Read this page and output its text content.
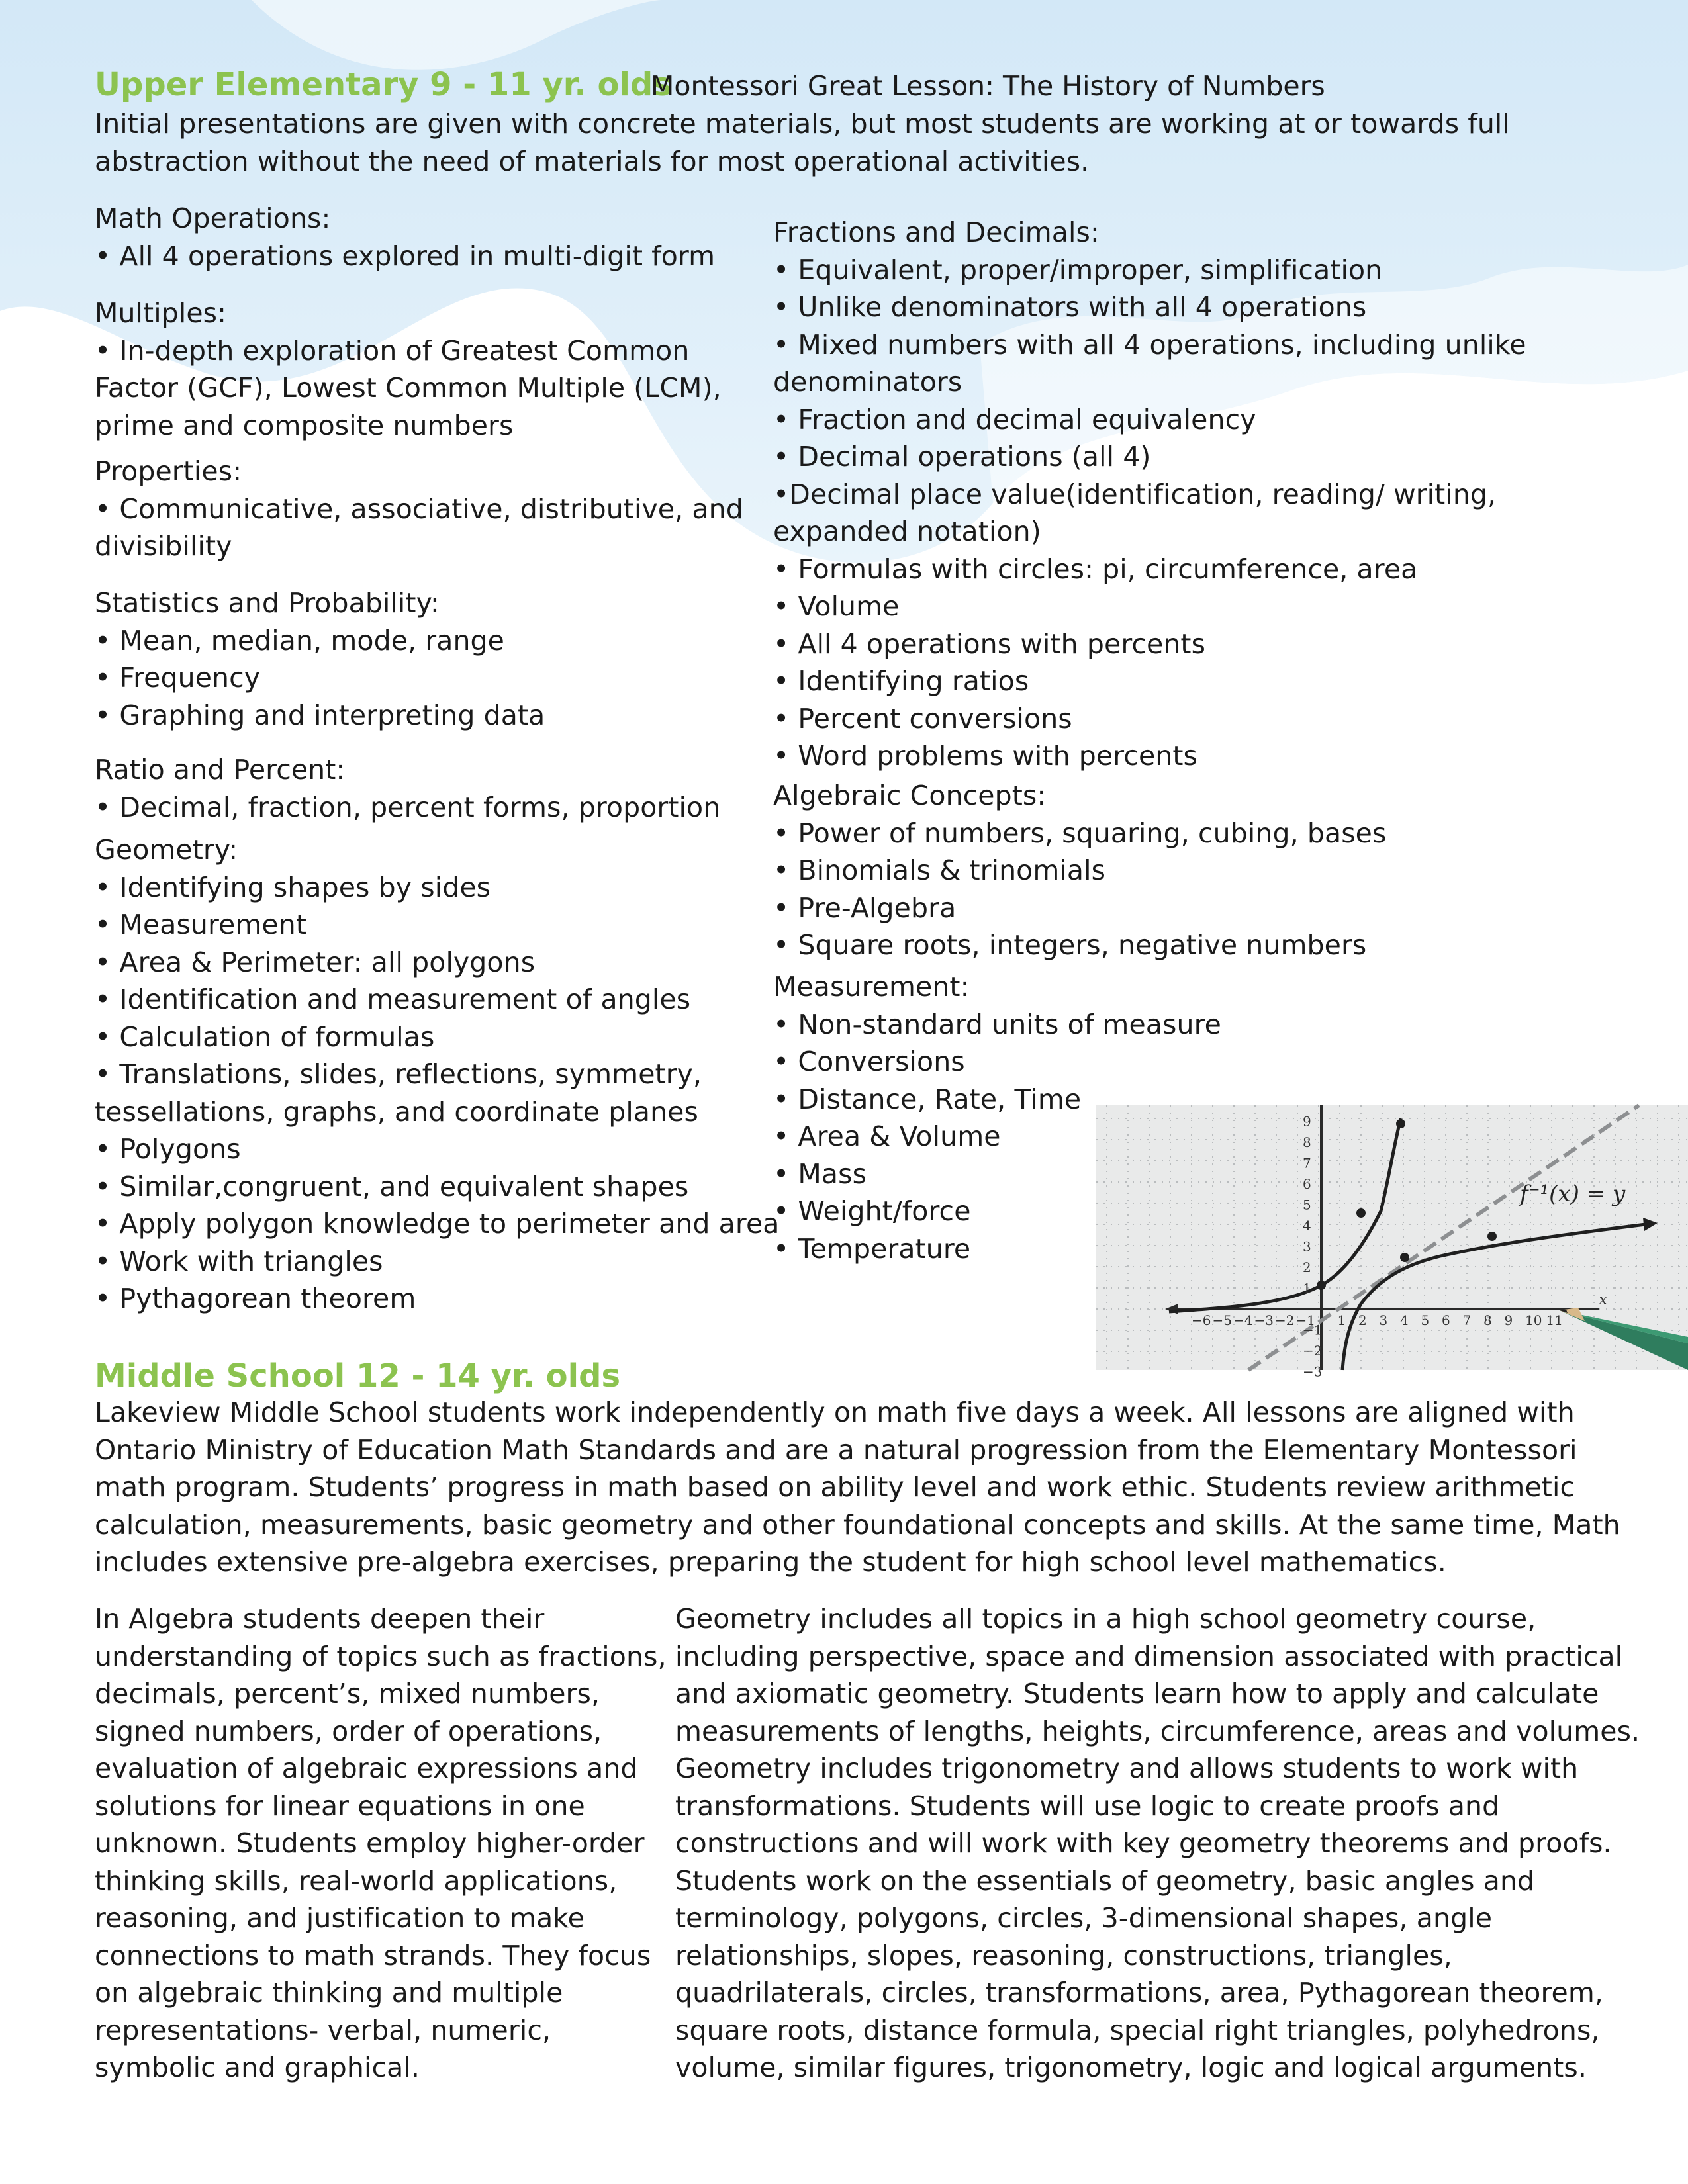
Upper Elementary 9 - 11 yr. olds
Montessori Great Lesson: The History of Numbers
Initial presentations are given with concrete materials, but most students are working at or towards full
abstraction without the need of materials for most operational activities.
Math Operations:
• All 4 operations explored in multi-digit form
Multiples:
• In-depth exploration of Greatest Common
Factor (GCF), Lowest Common Multiple (LCM),
prime and composite numbers
Properties:
• Communicative, associative, distributive, and
divisibility
Statistics and Probability:
• Mean, median, mode, range
• Frequency
• Graphing and interpreting data
Ratio and Percent:
• Decimal, fraction, percent forms, proportion
Geometry:
• Identifying shapes by sides
• Measurement
• Area & Perimeter: all polygons
• Identification and measurement of angles
• Calculation of formulas
• Translations, slides, reflections, symmetry,
tessellations, graphs, and coordinate planes
• Polygons
• Similar,congruent, and equivalent shapes
• Apply polygon knowledge to perimeter and area
• Work with triangles
• Pythagorean theorem
Fractions and Decimals:
• Equivalent, proper/improper, simplification
• Unlike denominators with all 4 operations
• Mixed numbers with all 4 operations, including unlike
denominators
• Fraction and decimal equivalency
• Decimal operations (all 4)
•Decimal place value(identification, reading/ writing,
expanded notation)
• Formulas with circles: pi, circumference, area
• Volume
• All 4 operations with percents
• Identifying ratios
• Percent conversions
• Word problems with percents
Algebraic Concepts:
• Power of numbers, squaring, cubing, bases
• Binomials & trinomials
• Pre-Algebra
• Square roots, integers, negative numbers
Measurement:
• Non-standard units of measure
• Conversions
• Distance, Rate, Time
• Area & Volume
• Mass
• Weight/force
• Temperature
−6 −5 −4 −3 −2 −1 1 2 3 4 5 6 7 8 9 10 11
9
8
7
6
5
4
3
2
1
−1
−2
−3
x
f⁻¹(x) = y
Middle School 12 - 14 yr. olds
Lakeview Middle School students work independently on math five days a week. All lessons are aligned with
Ontario Ministry of Education Math Standards and are a natural progression from the Elementary Montessori
math program. Students’ progress in math based on ability level and work ethic. Students review arithmetic
calculation, measurements, basic geometry and other foundational concepts and skills. At the same time, Math
includes extensive pre-algebra exercises, preparing the student for high school level mathematics.
In Algebra students deepen their
understanding of topics such as fractions,
decimals, percent’s, mixed numbers,
signed numbers, order of operations,
evaluation of algebraic expressions and
solutions for linear equations in one
unknown. Students employ higher-order
thinking skills, real-world applications,
reasoning, and justification to make
connections to math strands. They focus
on algebraic thinking and multiple
representations- verbal, numeric,
symbolic and graphical.
Geometry includes all topics in a high school geometry course,
including perspective, space and dimension associated with practical
and axiomatic geometry. Students learn how to apply and calculate
measurements of lengths, heights, circumference, areas and volumes.
Geometry includes trigonometry and allows students to work with
transformations. Students will use logic to create proofs and
constructions and will work with key geometry theorems and proofs.
Students work on the essentials of geometry, basic angles and
terminology, polygons, circles, 3-dimensional shapes, angle
relationships, slopes, reasoning, constructions, triangles,
quadrilaterals, circles, transformations, area, Pythagorean theorem,
square roots, distance formula, special right triangles, polyhedrons,
volume, similar figures, trigonometry, logic and logical arguments.
